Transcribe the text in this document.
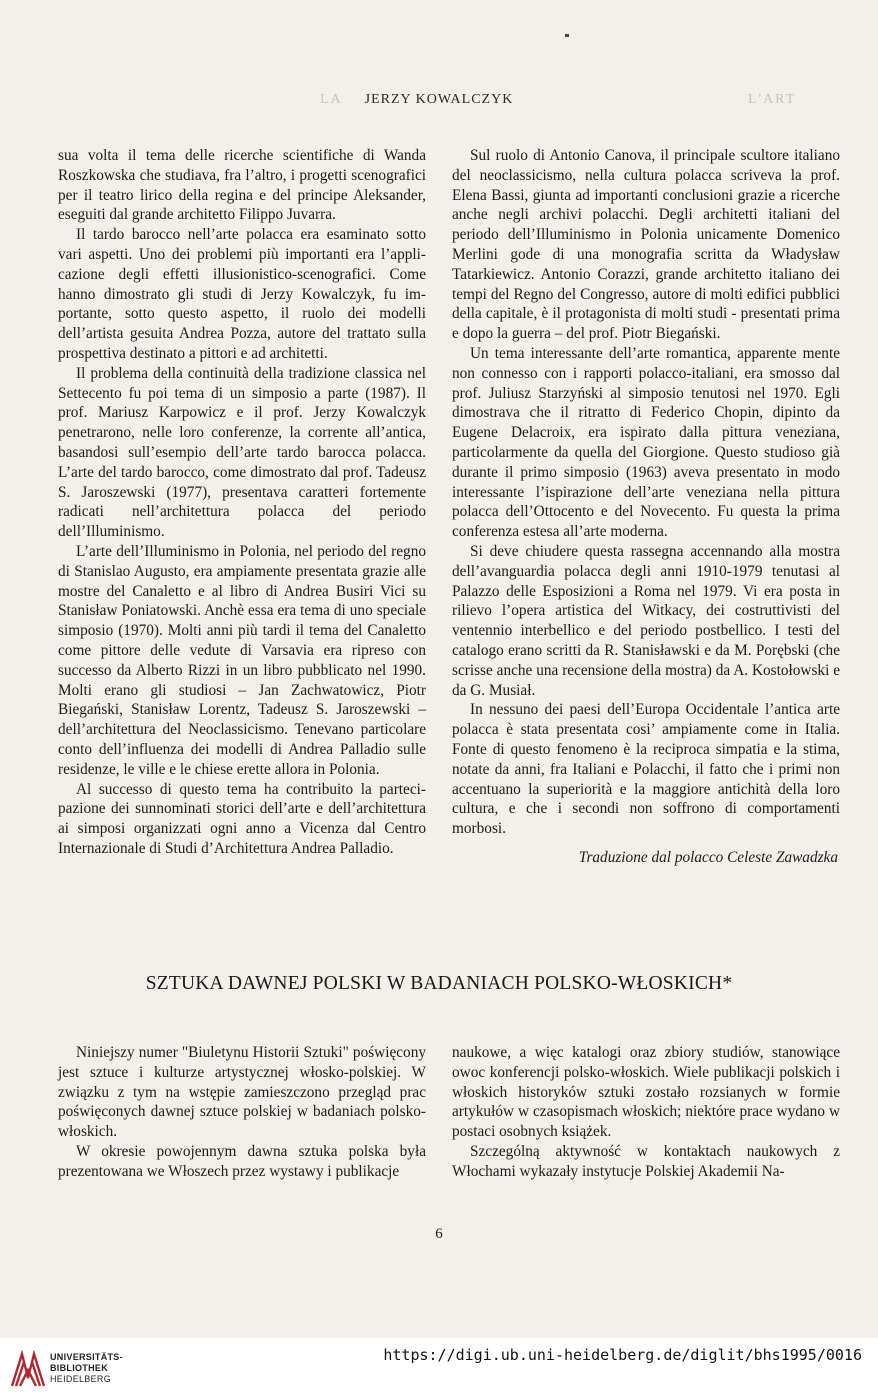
LA	L'ART
JERZY KOWALCZYK

sua volta il tema delle ricerche scientifiche di Wanda Roszkowska che studiava, fra l’altro, i progetti scenografici per il teatro lirico della regina e del principe Aleksander, eseguiti dal grande architetto Filippo Juvarra.

Il tardo barocco nell’arte polacca era esaminato sotto vari aspetti. Uno dei problemi più importanti era l’applicazione degli effetti illusionistico-scenografici. Come hanno dimostrato gli studi di Jerzy Kowalczyk, fu importante, sotto questo aspetto, il ruolo dei modelli dell’artista gesuita Andrea Pozza, autore del trattato sulla prospettiva destinato a pittori e ad architetti.

Il problema della continuità della tradizione classica nel Settecento fu poi tema di un simposio a parte (1987). Il prof. Mariusz Karpowicz e il prof. Jerzy Kowalczyk penetrarono, nelle loro conferenze, la corrente all’antica, basandosi sull’esempio dell’arte tardo barocca polacca. L’arte del tardo barocco, come dimostrato dal prof. Tadeusz S. Jaroszewski (1977), presentava caratteri fortemente radicati nell’architettura polacca del periodo dell’Illuminismo.

L’arte dell’Illuminismo in Polonia, nel periodo del regno di Stanislao Augusto, era ampiamente presentata grazie alle mostre del Canaletto e al libro di Andrea Busiri Vici su Stanisław Poniatowski. Anchè essa era tema di uno speciale simposio (1970). Molti anni più tardi il tema del Canaletto come pittore delle vedute di Varsavia era ripreso con successo da Alberto Rizzi in un libro pubblicato nel 1990. Molti erano gli studiosi – Jan Zachwatowicz, Piotr Biegański, Stanisław Lorentz, Tadeusz S. Jaroszewski – dell’architettura del Neoclassicismo. Tenevano particolare conto dell’influenza dei modelli di Andrea Palladio sulle residenze, le ville e le chiese erette allora in Polonia.

Al successo di questo tema ha contribuito la partecipazione dei sunnominati storici dell’arte e dell’architettura ai simposi organizzati ogni anno a Vicenza dal Centro Internazionale di Studi d’Architettura Andrea Palladio.

Sul ruolo di Antonio Canova, il principale scultore italiano del neoclassicismo, nella cultura polacca scriveva la prof. Elena Bassi, giunta ad importanti conclusioni grazie a ricerche anche negli archivi polacchi. Degli architetti italiani del periodo dell’Illuminismo in Polonia unicamente Domenico Merlini gode di una monografia scritta da Władysław Tatarkiewicz. Antonio Corazzi, grande architetto italiano dei tempi del Regno del Congresso, autore di molti edifici pubblici della capitale, è il protagonista di molti studi - presentati prima e dopo la guerra – del prof. Piotr Biegański.

Un tema interessante dell’arte romantica, apparente mente non connesso con i rapporti polacco-italiani, era smosso dal prof. Juliusz Starzyński al simposio tenutosi nel 1970. Egli dimostrava che il ritratto di Federico Chopin, dipinto da Eugene Delacroix, era ispirato dalla pittura veneziana, particolarmente da quella del Giorgione. Questo studioso già durante il primo simposio (1963) aveva presentato in modo interessante l’ispirazione dell’arte veneziana nella pittura polacca dell’Ottocento e del Novecento. Fu questa la prima conferenza estesa all’arte moderna.

Si deve chiudere questa rassegna accennando alla mostra dell’avanguardia polacca degli anni 1910-1979 tenutasi al Palazzo delle Esposizioni a Roma nel 1979. Vi era posta in rilievo l’opera artistica del Witkacy, dei costruttivisti del ventennio interbellico e del periodo postbellico. I testi del catalogo erano scritti da R. Stanisławski e da M. Porębski (che scrisse anche una recensione della mostra) da A. Kostołowski e da G. Musiał.

In nessuno dei paesi dell’Europa Occidentale l’antica arte polacca è stata presentata cosi’ ampiamente come in Italia. Fonte di questo fenomeno è la reciproca simpatia e la stima, notate da anni, fra Italiani e Polacchi, il fatto che i primi non accentuano la superiorità e la maggiore antichità della loro cultura, e che i secondi non soffrono di comportamenti morbosi.

Traduzione dal polacco Celeste Zawadzka

SZTUKA DAWNEJ POLSKI W BADANIACH POLSKO-WŁOSKICH*

Niniejszy numer "Biuletynu Historii Sztuki" poświęcony jest sztuce i kulturze artystycznej włosko-polskiej. W związku z tym na wstępie zamieszczono przegląd prac poświęconych dawnej sztuce polskiej w badaniach polsko-włoskich.

W okresie powojennym dawna sztuka polska była prezentowana we Włoszech przez wystawy i publikacje

naukowe, a więc katalogi oraz zbiory studiów, stanowiące owoc konferencji polsko-włoskich. Wiele publikacji polskich i włoskich historyków sztuki zostało rozsianych w formie artykułów w czasopismach włoskich; niektóre prace wydano w postaci osobnych książek.

Szczególną aktywność w kontaktach naukowych z Włochami wykazały instytucje Polskiej Akademii Na-

6
UNIVERSITÄTS-
BIBLIOTHEK
HEIDELBERG
https://digi.ub.uni-heidelberg.de/diglit/bhs1995/0016
